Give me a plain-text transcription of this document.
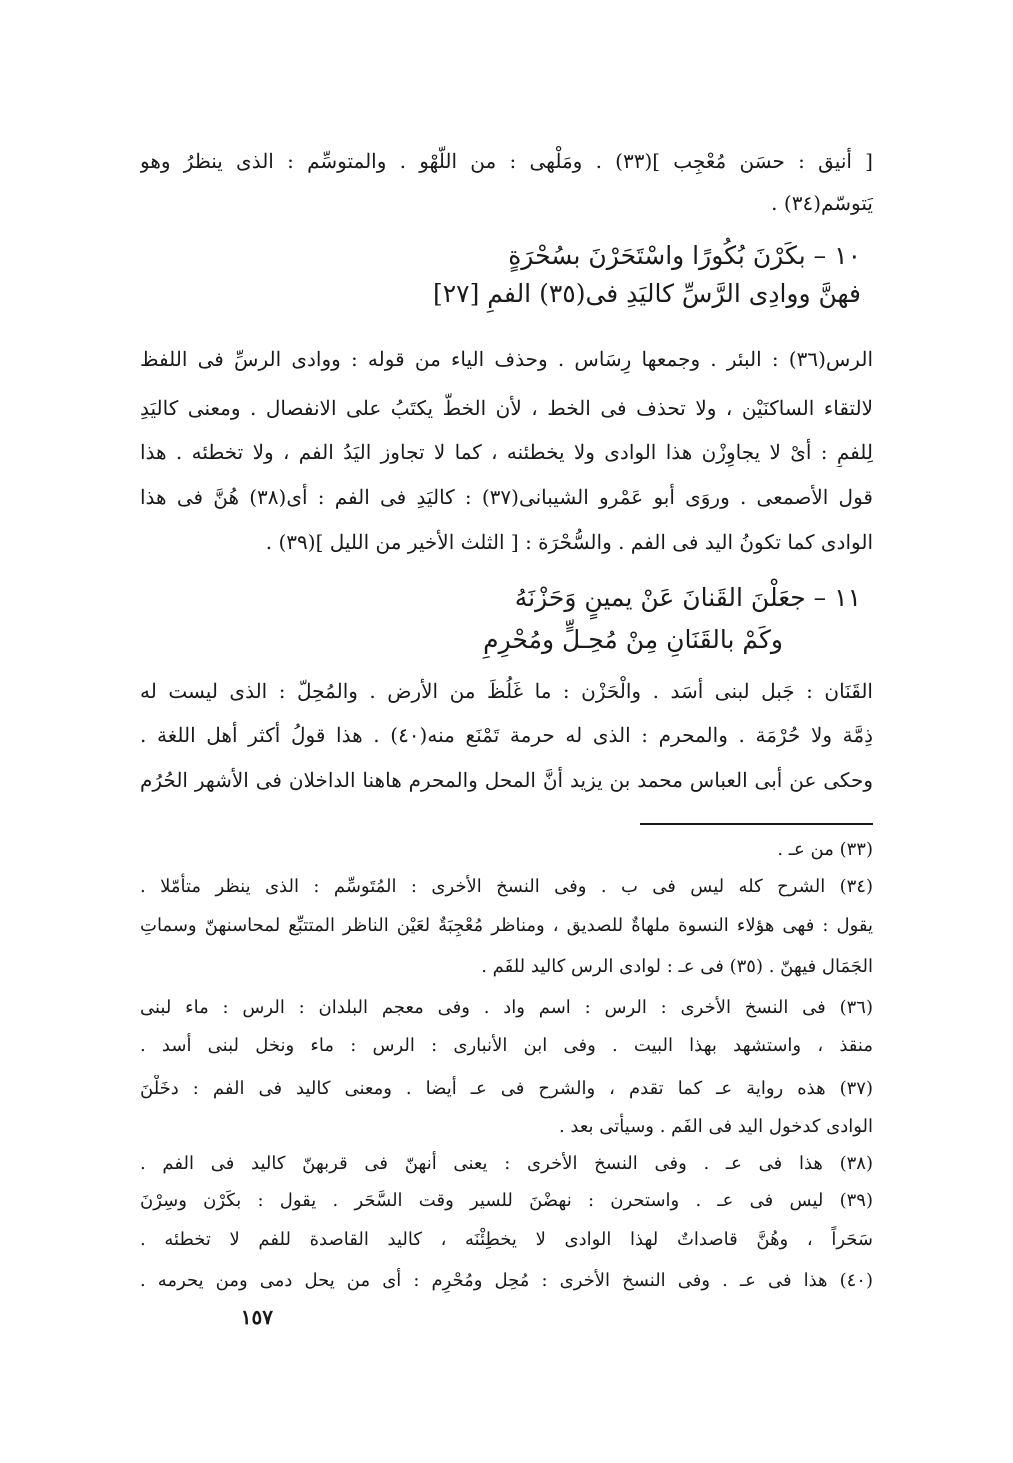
[ أنيق : حسَن مُعْجِب ](٣٣) . ومَلْهى : من اللَّهْو . والمتوسِّم : الذى ينظرُ وهو
يَتوسّم(٣٤) .
١٠ – بكَرْنَ بُكُورًا واسْتَحَرْنَ بسُحْرَةٍ
فهنَّ ووادِى الرَّسِّ كاليَدِ فى(٣٥) الفمِ [٢٧]
الرس(٣٦) : البئر . وجمعها رِسَاس . وحذف الياء من قوله : ووادى الرسِّ فى اللفظ
لالتقاء الساكنَيْن ، ولا تحذف فى الخط ، لأن الخطَّ يكتَبُ على الانفصال . ومعنى كاليَدِ
لِلفمِ : أىْ لا يجاوِزْن هذا الوادى ولا يخطئنه ، كما لا تجاوز اليَدُ الفم ، ولا تخطئه . هذا
قول الأصمعى . وروَى أبو عَمْرو الشيبانى(٣٧) : كاليَدِ فى الفم : أى(٣٨) هُنَّ فى هذا
الوادى كما تكونُ اليد فى الفم . والسُّحْرَة : [ الثلث الأخير من الليل ](٣٩) .
١١ – جعَلْنَ القَنانَ عَنْ يمينٍ وَحَزْنَهُ
وكَمْ بالقَنَانِ مِنْ مُحِـلٍّ ومُحْرِمِ
القَنَان : جَبل لبنى أسَد . والْحَزْن : ما غَلُظَ من الأرض . والمُحِلّ : الذى ليست له
ذِمَّة ولا حُرْمَة . والمحرم : الذى له حرمة تَمْنَع منه(٤٠) . هذا قولُ أكثر أهل اللغة .
وحكى عن أبى العباس محمد بن يزيد أنَّ المحل والمحرم هاهنا الداخلان فى الأشهر الحُرُم
(٣٣) من عـ .
(٣٤) الشرح كله ليس فى ب . وفى النسخ الأخرى : المُتَوسِّم : الذى ينظر متأمّلا .
يقول : فهى هؤلاء النسوة ملهاةٌ للصديق ، ومناظر مُعْجِبَةٌ لعَيْن الناظر المتتبِّع لمحاسنهنّ وسماتِ
الجَمَال فيهنّ . (٣٥) فى عـ : لوادى الرس كاليد للفَم .
(٣٦) فى النسخ الأخرى : الرس : اسم واد . وفى معجم البلدان : الرس : ماء لبنى
منقذ ، واستشهد بهذا البيت . وفى ابن الأنبارى : الرس : ماء ونخل لبنى أسد .
(٣٧) هذه رواية عـ كما تقدم ، والشرح فى عـ أيضا . ومعنى كاليد فى الفم : دخَلْنَ
الوادى كدخول اليد فى الفَم . وسيأتى بعد .
(٣٨) هذا فى عـ . وفى النسخ الأخرى : يعنى أنهنّ فى قربهنّ كاليد فى الفم .
(٣٩) ليس فى عـ . واستحرن : نهضْنَ للسير وقت السَّحَر . يقول : بكَرْن وسِرْنَ
سَحَراً ، وهُنَّ قاصداتٌ لهذا الوادى لا يخطِئْنَه ، كاليد القاصدة للفم لا تخطئه .
(٤٠) هذا فى عـ . وفى النسخ الأخرى : مُحِل ومُحْرِم : أى من يحل دمى ومن يحرمه .
١٥٧
